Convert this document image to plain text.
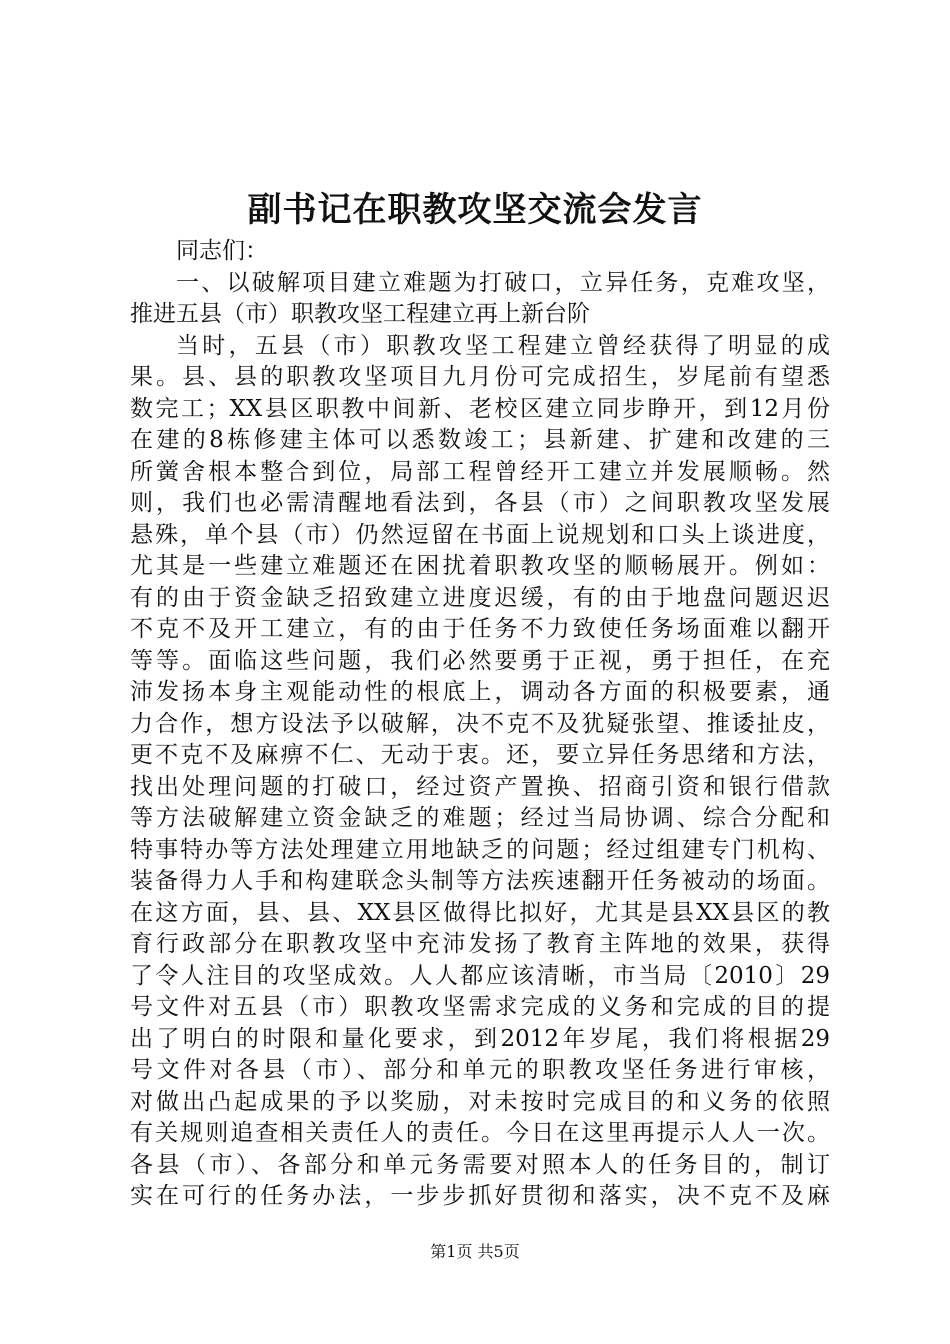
副书记在职教攻坚交流会发言
同志们：
一、以破解项目建立难题为打破口，立异任务，克难攻坚，
推进五县（市）职教攻坚工程建立再上新台阶
当时，五县（市）职教攻坚工程建立曾经获得了明显的成
果。县、县的职教攻坚项目九月份可完成招生，岁尾前有望悉
数完工；XX县区职教中间新、老校区建立同步睁开，到12月份
在建的8栋修建主体可以悉数竣工；县新建、扩建和改建的三
所黉舍根本整合到位，局部工程曾经开工建立并发展顺畅。然
则，我们也必需清醒地看法到，各县（市）之间职教攻坚发展
悬殊，单个县（市）仍然逗留在书面上说规划和口头上谈进度，
尤其是一些建立难题还在困扰着职教攻坚的顺畅展开。例如：
有的由于资金缺乏招致建立进度迟缓，有的由于地盘问题迟迟
不克不及开工建立，有的由于任务不力致使任务场面难以翻开
等等。面临这些问题，我们必然要勇于正视，勇于担任，在充
沛发扬本身主观能动性的根底上，调动各方面的积极要素，通
力合作，想方设法予以破解，决不克不及犹疑张望、推诿扯皮，
更不克不及麻痹不仁、无动于衷。还，要立异任务思绪和方法，
找出处理问题的打破口，经过资产置换、招商引资和银行借款
等方法破解建立资金缺乏的难题；经过当局协调、综合分配和
特事特办等方法处理建立用地缺乏的问题；经过组建专门机构、
装备得力人手和构建联念头制等方法疾速翻开任务被动的场面。
在这方面，县、县、XX县区做得比拟好，尤其是县XX县区的教
育行政部分在职教攻坚中充沛发扬了教育主阵地的效果，获得
了令人注目的攻坚成效。人人都应该清晰，市当局〔2010〕29
号文件对五县（市）职教攻坚需求完成的义务和完成的目的提
出了明白的时限和量化要求，到2012年岁尾，我们将根据29
号文件对各县（市）、部分和单元的职教攻坚任务进行审核，
对做出凸起成果的予以奖励，对未按时完成目的和义务的依照
有关规则追查相关责任人的责任。今日在这里再提示人人一次。
各县（市）、各部分和单元务需要对照本人的任务目的，制订
实在可行的任务办法，一步步抓好贯彻和落实，决不克不及麻
第1页 共5页
